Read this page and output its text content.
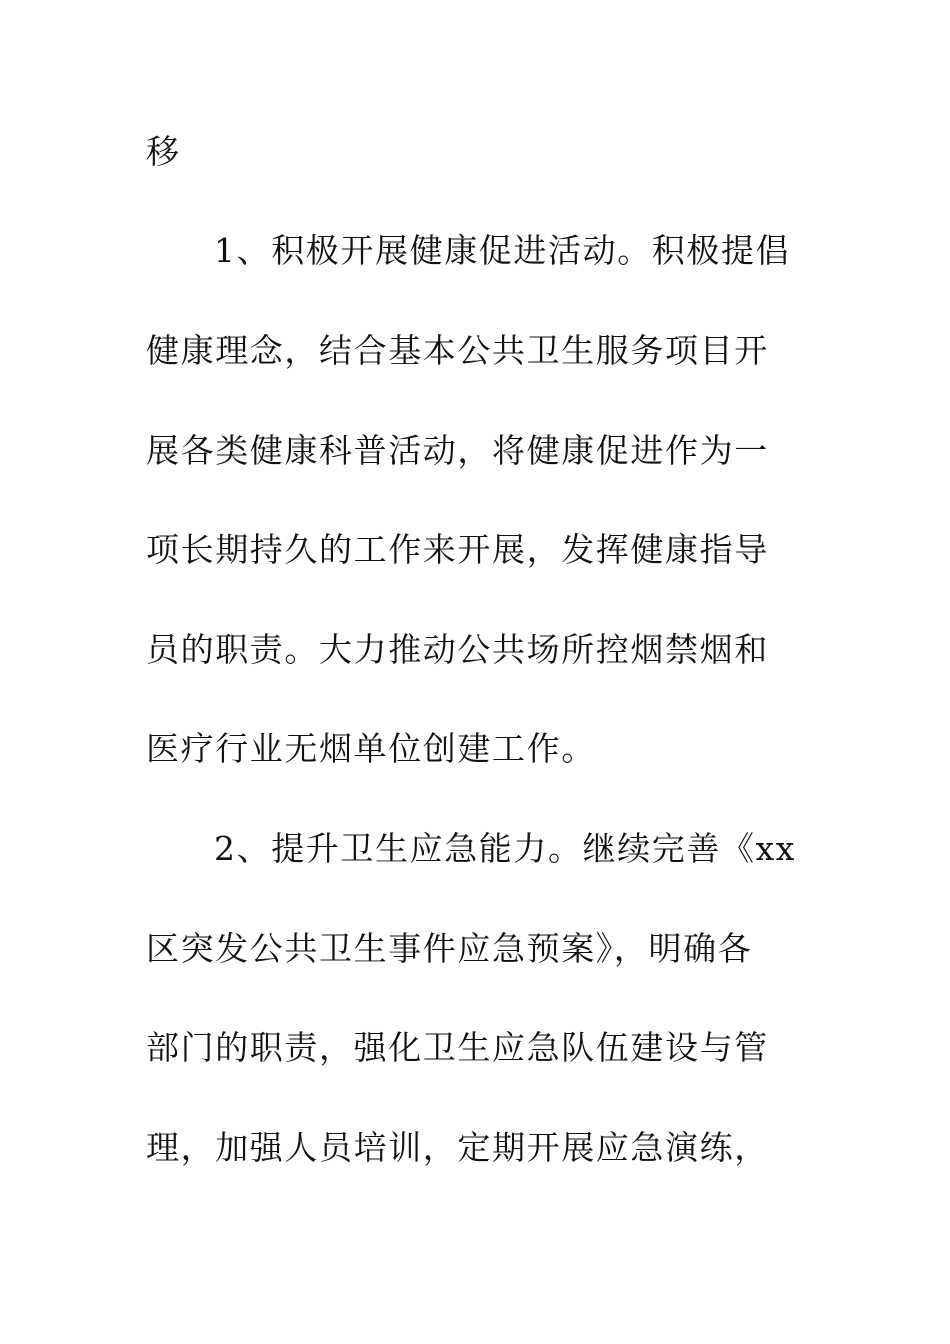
移
1、积极开展健康促进活动。积极提倡
健康理念，结合基本公共卫生服务项目开
展各类健康科普活动，将健康促进作为一
项长期持久的工作来开展，发挥健康指导
员的职责。大力推动公共场所控烟禁烟和
医疗行业无烟单位创建工作。
2、提升卫生应急能力。继续完善《xx
区突发公共卫生事件应急预案》，明确各
部门的职责，强化卫生应急队伍建设与管
理，加强人员培训，定期开展应急演练，
